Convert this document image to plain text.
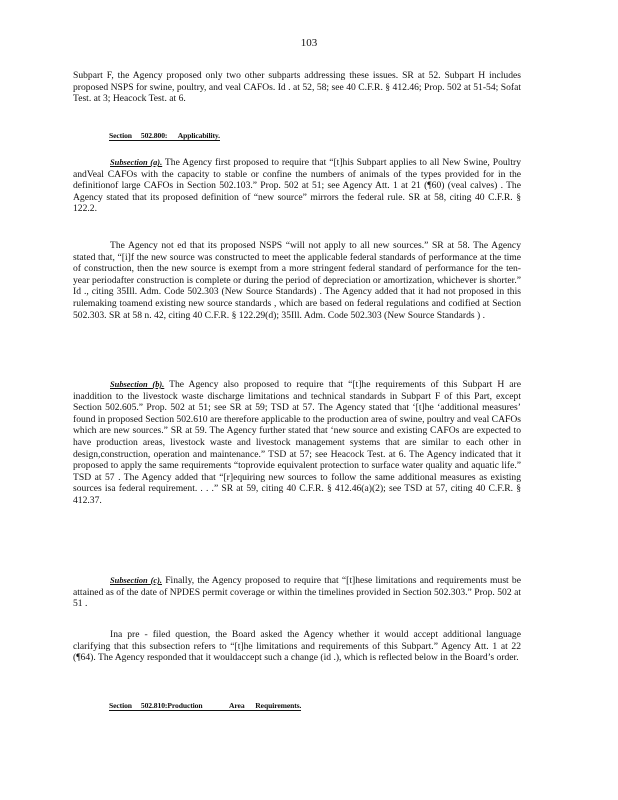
103

Subpart F, the Agency proposed only two other subparts addressing these issues. SR at 52. Subpart H includes proposed NSPS for swine, poultry, and veal CAFOs. Id . at 52, 58; see 40 C.F.R. § 412.46; Prop. 502 at 51-54; Sofat Test. at 3; Heacock Test. at 6.

Section     502.800:      Applicability.

Subsection (a). The Agency first proposed to require that “[t]his Subpart applies to all New Swine, Poultry andVeal CAFOs with the capacity to stable or confine the numbers of animals of the types provided for in the definitionof large CAFOs in Section 502.103.” Prop. 502 at 51; see Agency Att. 1 at 21 (¶60) (veal calves) . The Agency stated that its proposed definition of “new source” mirrors the federal rule. SR at 58, citing 40 C.F.R. § 122.2.

The Agency not ed that its proposed NSPS “will not apply to all new sources.” SR at 58. The Agency stated that, “[i]f the new source was constructed to meet the applicable federal standards of performance at the time of construction, then the new source is exempt from a more stringent federal standard of performance for the ten-year periodafter construction is complete or during the period of depreciation or amortization, whichever is shorter.” Id ., citing 35Ill. Adm. Code 502.303 (New Source Standards) . The Agency added that it had not proposed in this rulemaking toamend existing new source standards , which are based on federal regulations and codified at Section 502.303. SR at 58 n. 42, citing 40 C.F.R. § 122.29(d); 35Ill. Adm. Code 502.303 (New Source Standards ) .

Subsection (b). The Agency also proposed to require that “[t]he requirements of this Subpart H are inaddition to the livestock waste discharge limitations and technical standards in Subpart F of this Part, except Section 502.605.” Prop. 502 at 51; see SR at 59; TSD at 57. The Agency stated that ‘[t]he ‘additional measures’ found in proposed Section 502.610 are therefore applicable to the production area of swine, poultry and veal CAFOs which are new sources.” SR at 59. The Agency further stated that ‘new source and existing CAFOs are expected to have production areas, livestock waste and livestock management systems that are similar to each other in design,construction, operation and maintenance.” TSD at 57; see Heacock Test. at 6. The Agency indicated that it proposed to apply the same requirements “toprovide equivalent protection to surface water quality and aquatic life.” TSD at 57 . The Agency added that “[r]equiring new sources to follow the same additional measures as existing sources isa federal requirement. . . .” SR at 59, citing 40 C.F.R. § 412.46(a)(2); see TSD at 57, citing 40 C.F.R. § 412.37.

Subsection (c). Finally, the Agency proposed to require that “[t]hese limitations and requirements must be attained as of the date of NPDES permit coverage or within the timelines provided in Section 502.303.” Prop. 502 at 51 .

Ina pre - filed question, the Board asked the Agency whether it would accept additional language clarifying that this subsection refers to “[t]he limitations and requirements of this Subpart.” Agency Att. 1 at 22 (¶64). The Agency responded that it wouldaccept such a change (id .), which is reflected below in the Board’s order.

Section     502.810:Production               Area      Requirements.
